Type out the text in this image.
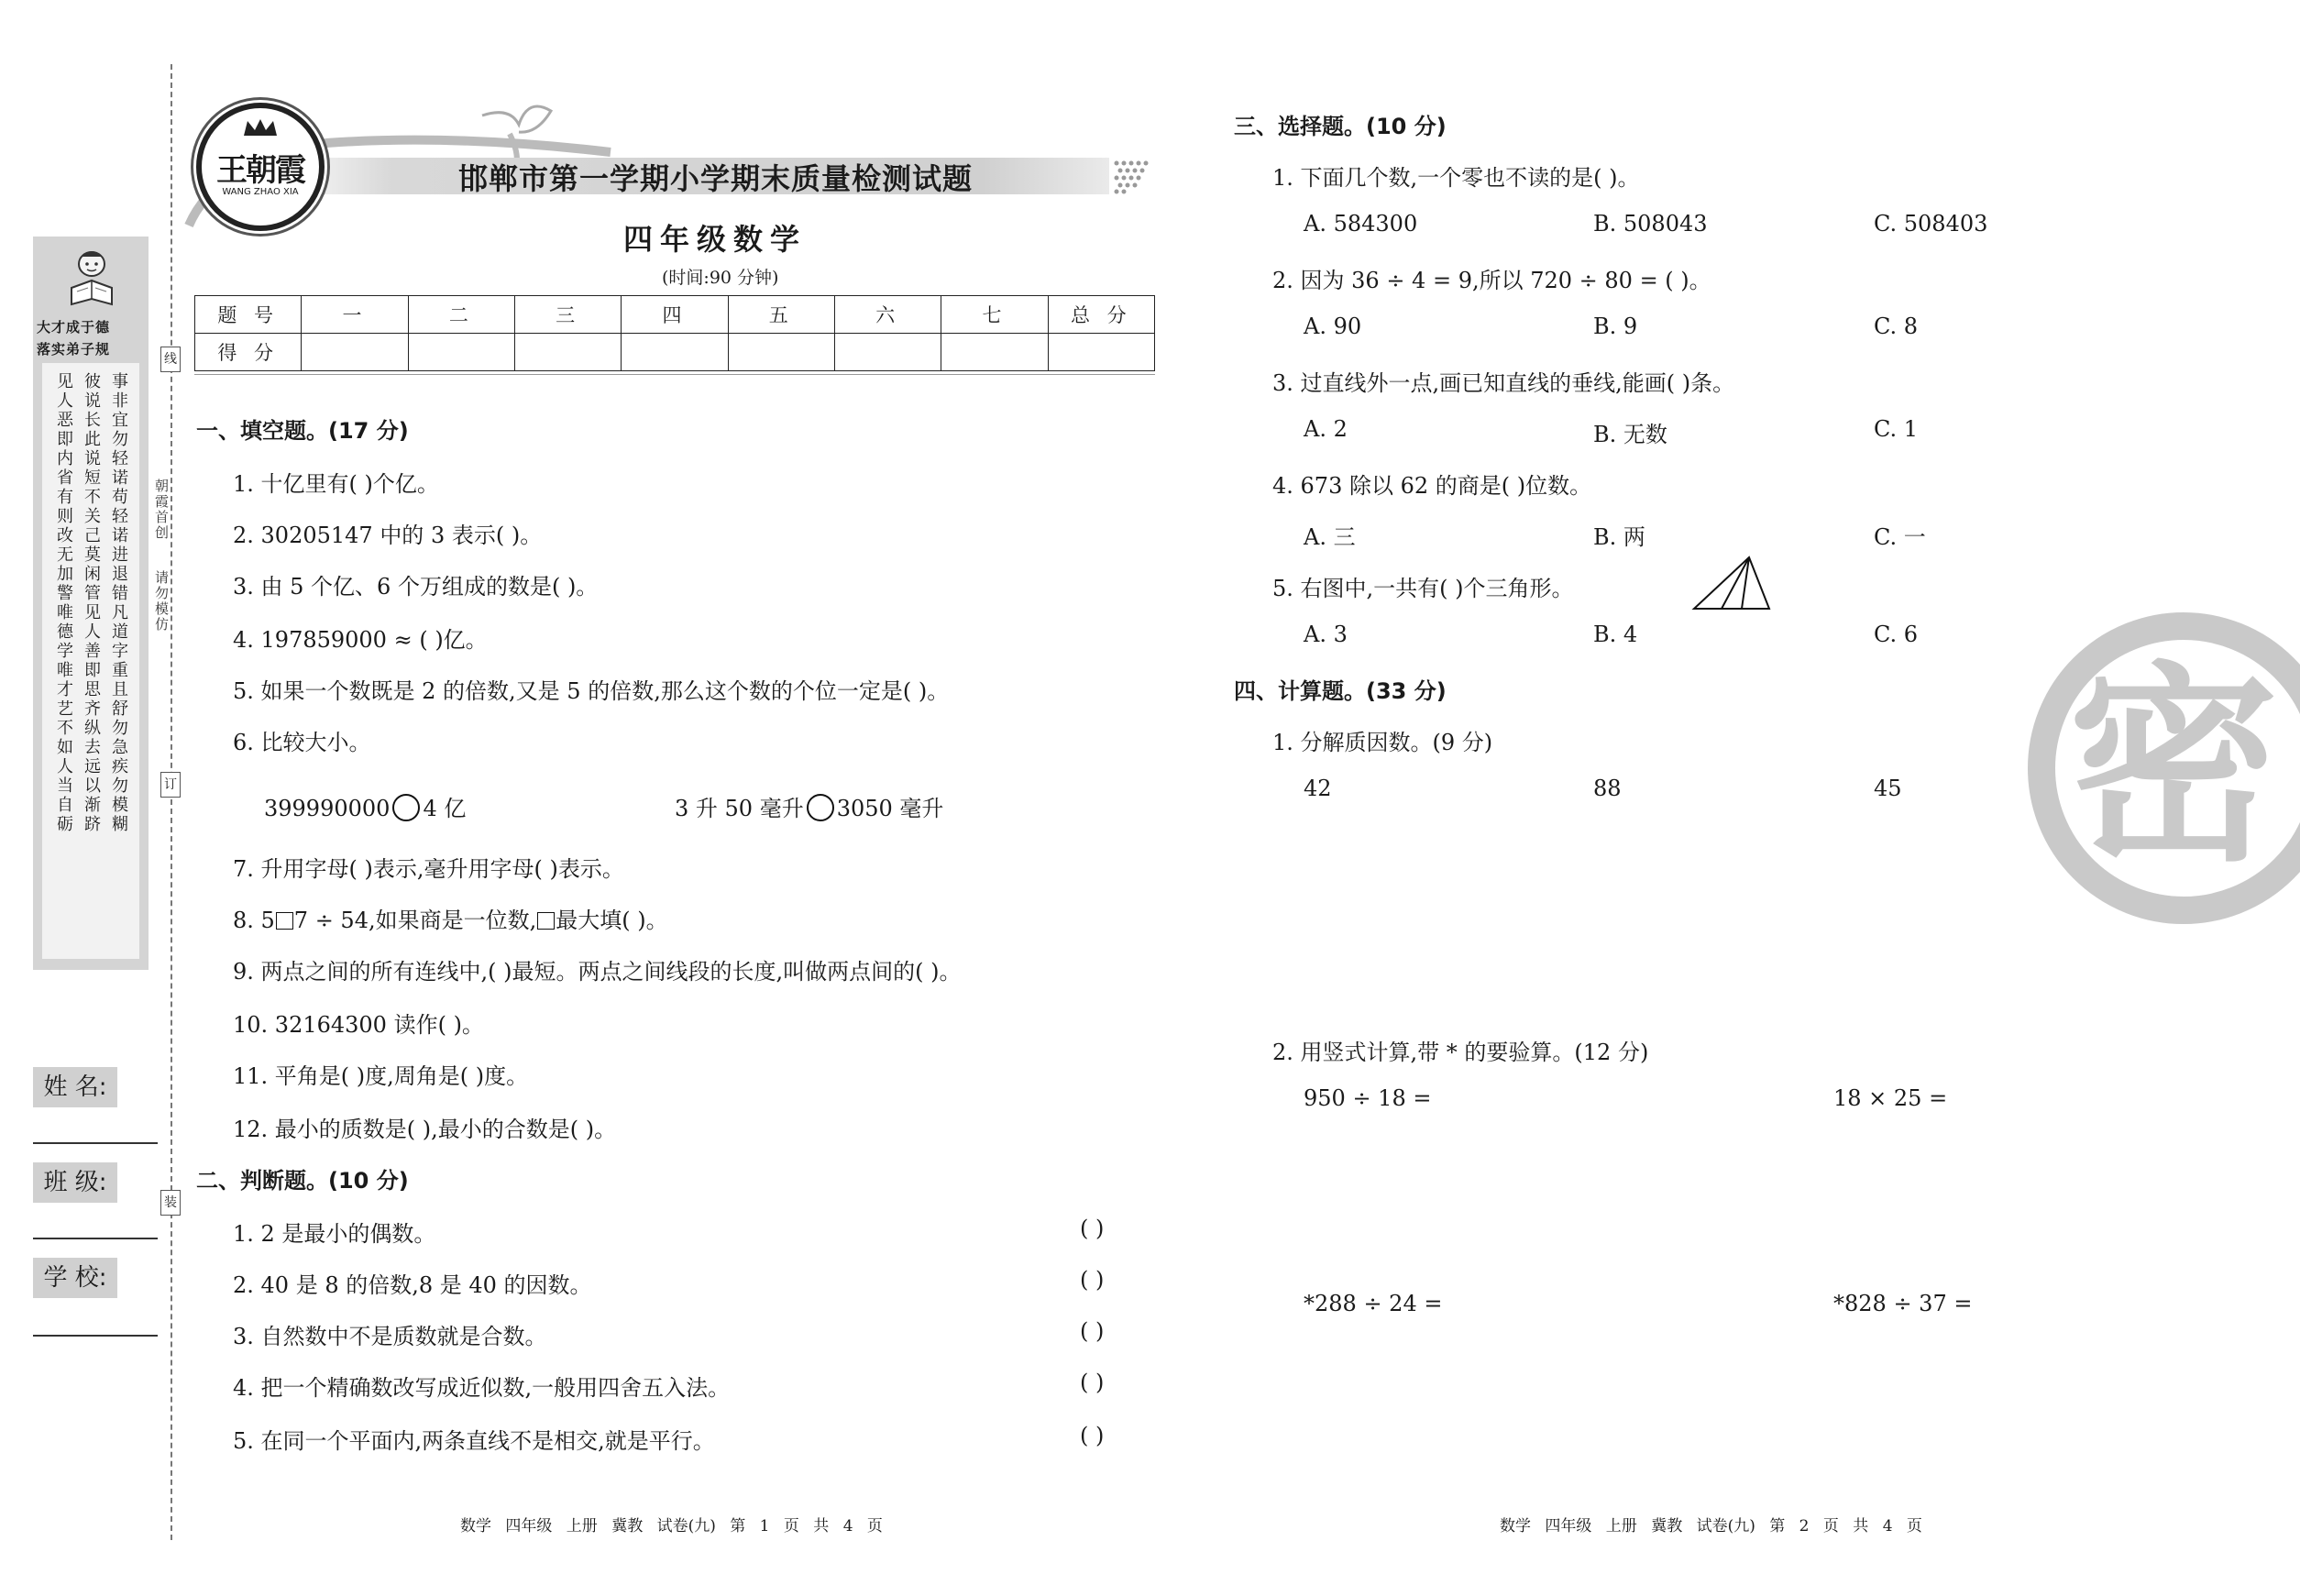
线
订
装
朝霞首创
请勿模仿
大才成于德
落实弟子规
见人恶即内省有则改无加警唯德学唯才艺不如人当自砺 彼说长此说短不关己莫闲管见人善即思齐纵去远以渐跻 事非宜勿轻诺苟轻诺进退错凡道字重且舒勿急疾勿模糊
姓 名:
班 级:
学 校:
王朝霞
WANG ZHAO XIA	邯郸市第一学期小学期末质量检测试题
四年级数学
(时间:90 分钟)
题 号	一	二	三	四	五	六	七	总 分
得 分								
一、填空题。(17 分)
1. 十亿里有( )个亿。
2. 30205147 中的 3 表示( )。
3. 由 5 个亿、6 个万组成的数是( )。
4. 197859000 ≈ ( )亿。
5. 如果一个数既是 2 的倍数,又是 5 的倍数,那么这个数的个位一定是( )。
6. 比较大小。
399990000 4 亿	3 升 50 毫升 3050 毫升
7. 升用字母( )表示,毫升用字母( )表示。
8. 5 7 ÷ 54,如果商是一位数, 最大填( )。
9. 两点之间的所有连线中,( )最短。两点之间线段的长度,叫做两点间的( )。
10. 32164300 读作( )。
11. 平角是( )度,周角是( )度。
12. 最小的质数是( ),最小的合数是( )。
二、判断题。(10 分)
1. 2 是最小的偶数。	( )
2. 40 是 8 的倍数,8 是 40 的因数。	( )
3. 自然数中不是质数就是合数。	( )
4. 把一个精确数改写成近似数,一般用四舍五入法。	( )
5. 在同一个平面内,两条直线不是相交,就是平行。	( )
数学 四年级 上册 冀教 试卷(九) 第 1 页 共 4 页
三、选择题。(10 分)
1. 下面几个数,一个零也不读的是( )。
A. 584300	B. 508043	C. 508403
2. 因为 36 ÷ 4 = 9,所以 720 ÷ 80 = ( )。
A. 90	B. 9	C. 8
3. 过直线外一点,画已知直线的垂线,能画( )条。
A. 2	B. 无数	C. 1
4. 673 除以 62 的商是( )位数。
A. 三	B. 两	C. 一
5. 右图中,一共有( )个三角形。
A. 3	B. 4	C. 6
四、计算题。(33 分)
1. 分解质因数。(9 分)
42	88	45
2. 用竖式计算,带 * 的要验算。(12 分)
950 ÷ 18 =	18 × 25 =
*288 ÷ 24 =	*828 ÷ 37 =
密
数学 四年级 上册 冀教 试卷(九) 第 2 页 共 4 页
